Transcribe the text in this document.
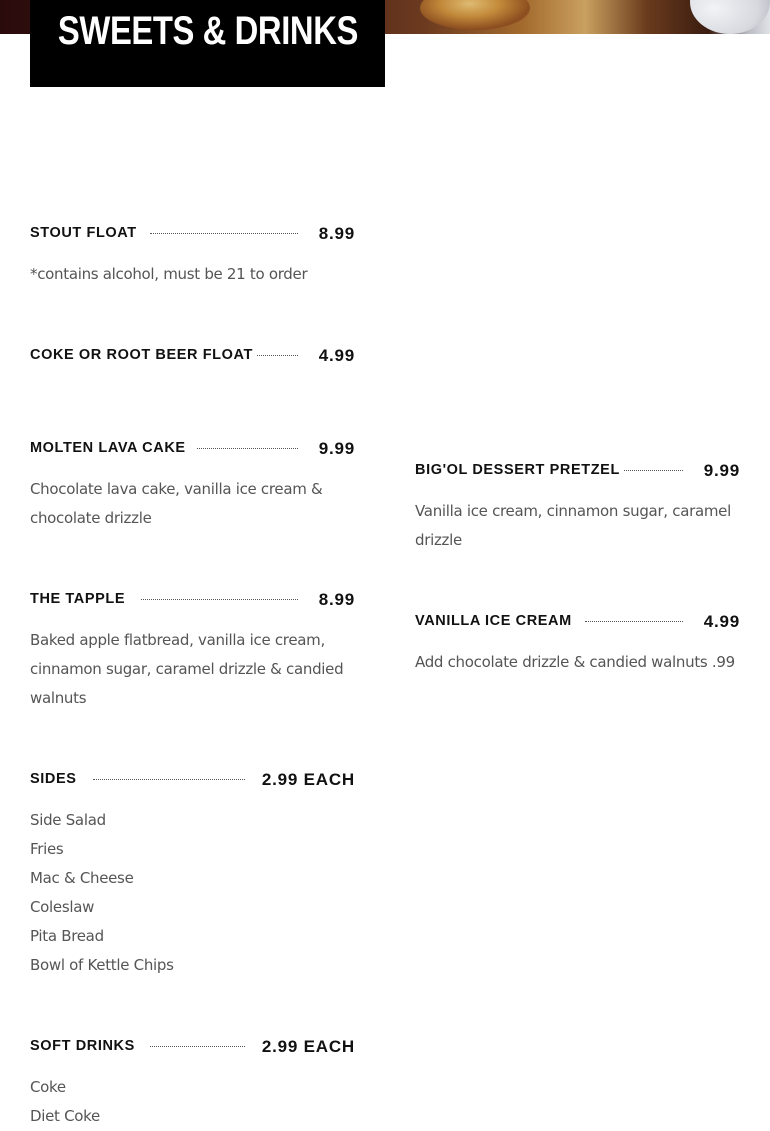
SWEETS & DRINKS
STOUT FLOAT	8.99
*contains alcohol, must be 21 to order
COKE OR ROOT BEER FLOAT	4.99
MOLTEN LAVA CAKE	9.99
Chocolate lava cake, vanilla ice cream &
chocolate drizzle
THE TAPPLE	8.99
Baked apple flatbread, vanilla ice cream,
cinnamon sugar, caramel drizzle & candied
walnuts
SIDES	2.99 EACH
Side Salad
Fries
Mac & Cheese
Coleslaw
Pita Bread
Bowl of Kettle Chips
SOFT DRINKS	2.99 EACH
Coke
Diet Coke
BIG'OL DESSERT PRETZEL	9.99
Vanilla ice cream, cinnamon sugar, caramel
drizzle
VANILLA ICE CREAM	4.99
Add chocolate drizzle & candied walnuts .99
